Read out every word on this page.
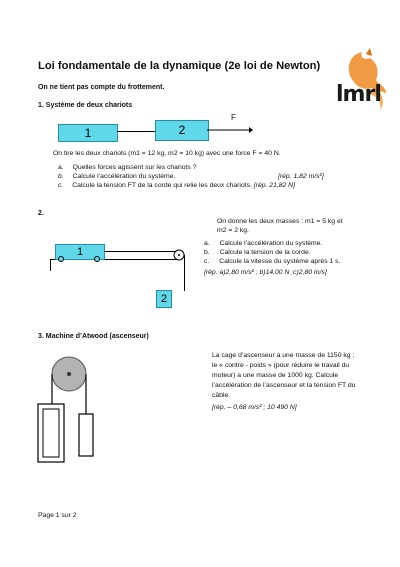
Loi fondamentale de la dynamique (2e loi de Newton)
lmrl
On ne tient pas compte du frottement.
1. Système de deux chariots
1	2
F
On tire les deux chariots (m1 = 12 kg, m2 = 10 kg) avec une force F = 40 N.
a. Quelles forces agissent sur les chariots ?
b. Calcule l’accélération du système.	[rép. 1,82 m/s²]
c. Calcule la tension FT de la corde qui relie les deux chariots. [rép. 21,82 N]
2.
1
2
On donne les deux masses : m1 = 5 kg et
m2 = 2 kg.
a. Calcule l’accélération du système.
b. Calcule la tension de la corde.
c. Calcule la vitesse du système après 1 s.
[rép. a)2,80 m/s² ; b)14,00 N ;c)2,80 m/s]
3. Machine d’Atwood (ascenseur)
La cage d’ascenseur a une masse de 1150 kg ;
le « contre - poids » (pour réduire le travail du
moteur) a une masse de 1000 kg. Calcule
l’accélération de l’ascenseur et la tension FT du
câble.
[rép. – 0,68 m/s² ; 10 490 N]
Page 1 sur 2
